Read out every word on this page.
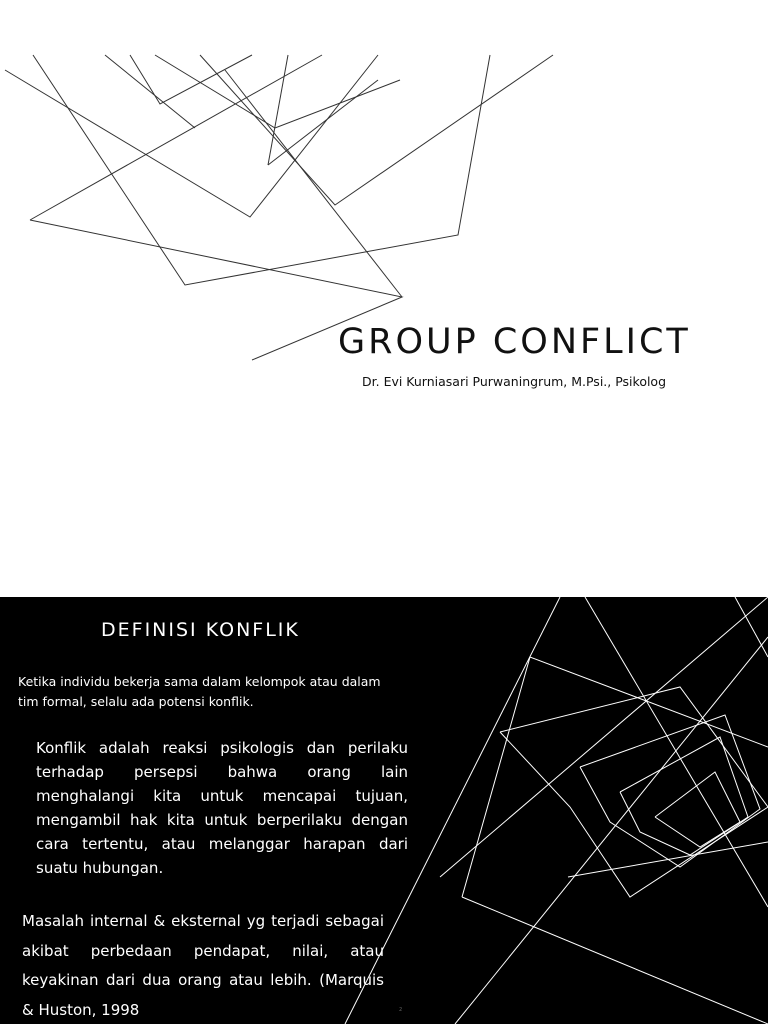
GROUP CONFLICT
Dr. Evi Kurniasari Purwaningrum, M.Psi., Psikolog
DEFINISI KONFLIK

Ketika individu bekerja sama dalam kelompok atau dalam tim formal, selalu ada potensi konflik.

Konflik adalah reaksi psikologis dan perilaku terhadap persepsi bahwa orang lain menghalangi kita untuk mencapai tujuan, mengambil hak kita untuk berperilaku dengan cara tertentu, atau melanggar harapan dari suatu hubungan.

Masalah internal & eksternal yg terjadi sebagai akibat perbedaan pendapat, nilai, atau keyakinan dari dua orang atau lebih. (Marquis & Huston, 1998	2
